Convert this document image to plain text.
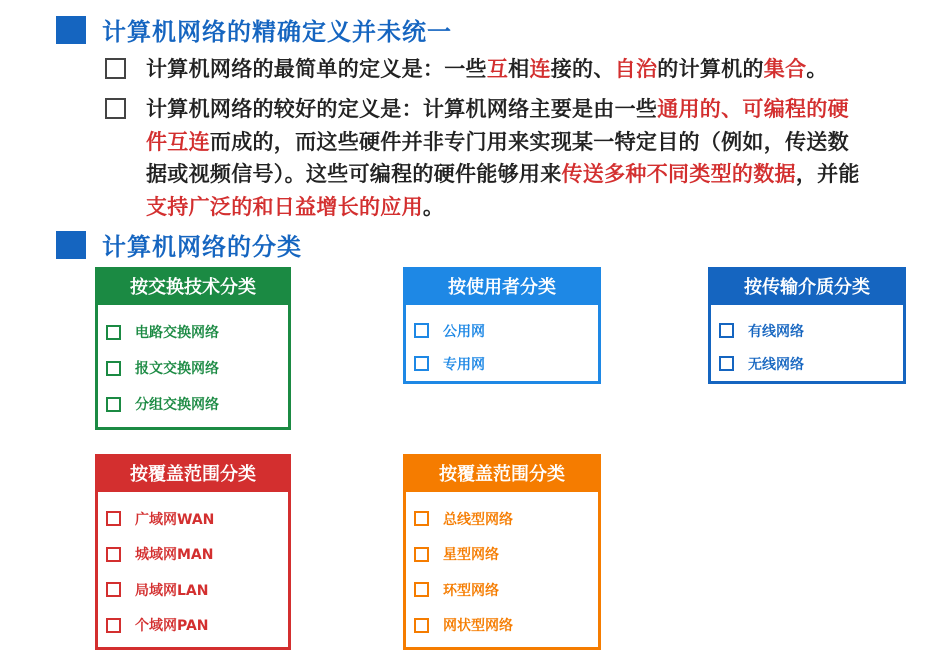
计算机网络的精确定义并未统一
计算机网络的最简单的定义是：一些互相连接的、自治的计算机的集合。
计算机网络的较好的定义是：计算机网络主要是由一些通用的、可编程的硬件互连而成的，而这些硬件并非专门用来实现某一特定目的（例如，传送数据或视频信号）。这些可编程的硬件能够用来传送多种不同类型的数据，并能支持广泛的和日益增长的应用。
计算机网络的分类
按交换技术分类
电路交换网络
报文交换网络
分组交换网络
按使用者分类
公用网
专用网
按传输介质分类
有线网络
无线网络
按覆盖范围分类
广域网WAN
城域网MAN
局域网LAN
个域网PAN
按覆盖范围分类
总线型网络
星型网络
环型网络
网状型网络
